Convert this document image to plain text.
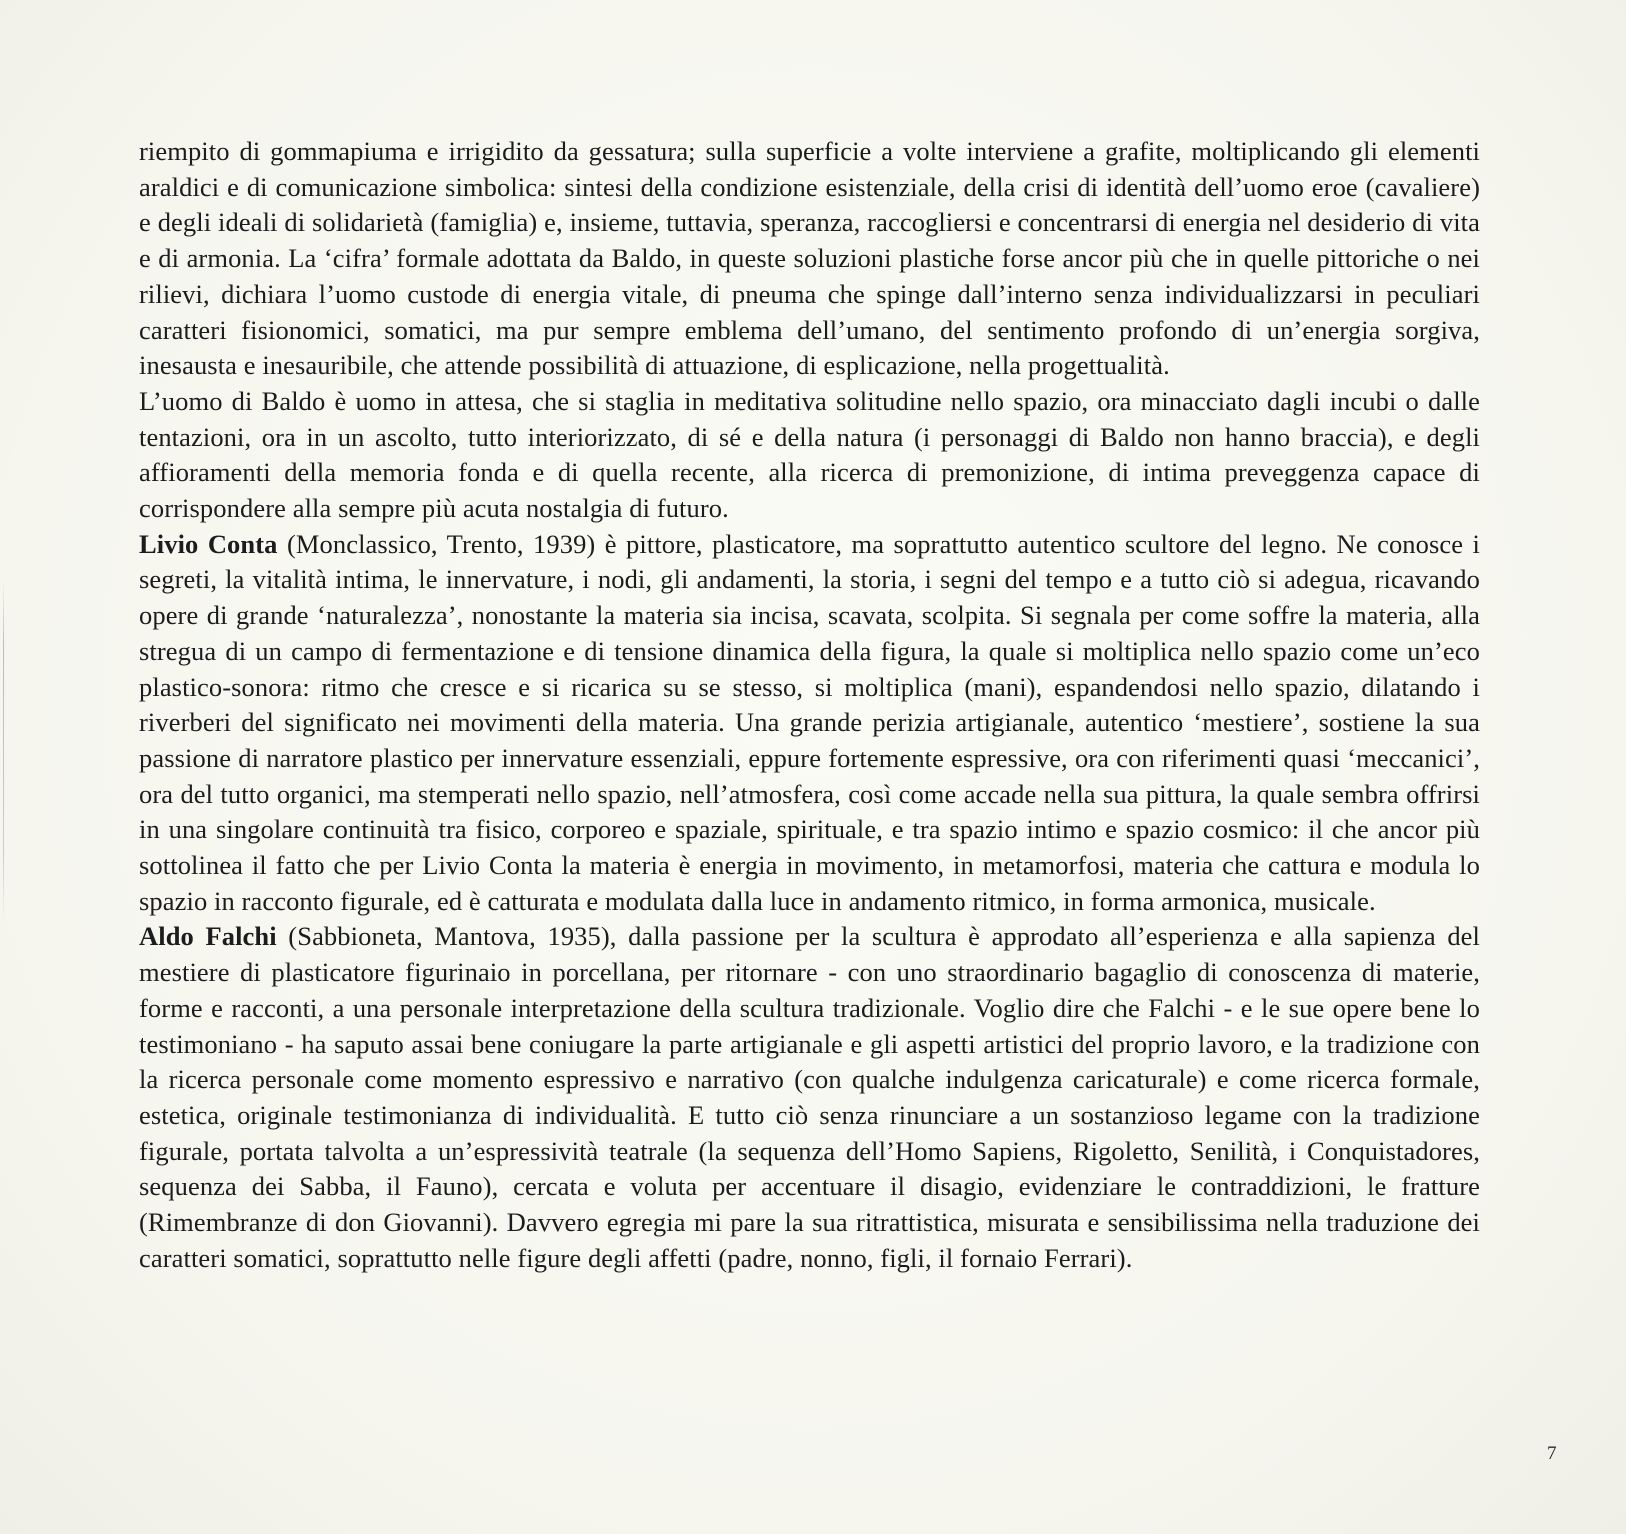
riempito di gommapiuma e irrigidito da gessatura; sulla superficie a volte interviene a grafite, moltiplicando gli elementi araldici e di comunicazione simbolica: sintesi della condizione esistenziale, della crisi di identità dell’uomo eroe (cavaliere) e degli ideali di solidarietà (famiglia) e, insieme, tuttavia, speranza, raccogliersi e concentrarsi di energia nel desiderio di vita e di armonia. La ‘cifra’ formale adottata da Baldo, in queste soluzioni plastiche forse ancor più che in quelle pittoriche o nei rilievi, dichiara l’uomo custode di energia vitale, di pneuma che spinge dall’interno senza individualizzarsi in peculiari caratteri fisionomici, somatici, ma pur sempre emblema dell’umano, del sentimento profondo di un’energia sorgiva, inesausta e inesauribile, che attende possibilità di attuazione, di esplicazione, nella progettualità.

L’uomo di Baldo è uomo in attesa, che si staglia in meditativa solitudine nello spazio, ora minacciato dagli incubi o dalle tentazioni, ora in un ascolto, tutto interiorizzato, di sé e della natura (i personaggi di Baldo non hanno braccia), e degli affioramenti della memoria fonda e di quella recente, alla ricerca di premonizione, di intima preveggenza capace di corrispondere alla sempre più acuta nostalgia di futuro.

Livio Conta (Monclassico, Trento, 1939) è pittore, plasticatore, ma soprattutto autentico scultore del legno. Ne conosce i segreti, la vitalità intima, le innervature, i nodi, gli andamenti, la storia, i segni del tempo e a tutto ciò si adegua, ricavando opere di grande ‘naturalezza’, nonostante la materia sia incisa, scavata, scolpita. Si segnala per come soffre la materia, alla stregua di un campo di fermentazione e di tensione dinamica della figura, la quale si moltiplica nello spazio come un’eco plastico-sonora: ritmo che cresce e si ricarica su se stesso, si moltiplica (mani), espandendosi nello spazio, dilatando i riverberi del significato nei movimenti della materia. Una grande perizia artigianale, autentico ‘mestiere’, sostiene la sua passione di narratore plastico per innervature essenziali, eppure fortemente espressive, ora con riferimenti quasi ‘meccanici’, ora del tutto organici, ma stemperati nello spazio, nell’atmosfera, così come accade nella sua pittura, la quale sembra offrirsi in una singolare continuità tra fisico, corporeo e spaziale, spirituale, e tra spazio intimo e spazio cosmico: il che ancor più sottolinea il fatto che per Livio Conta la materia è energia in movimento, in metamorfosi, materia che cattura e modula lo spazio in racconto figurale, ed è catturata e modulata dalla luce in andamento ritmico, in forma armonica, musicale.

Aldo Falchi (Sabbioneta, Mantova, 1935), dalla passione per la scultura è approdato all’esperienza e alla sapienza del mestiere di plasticatore figurinaio in porcellana, per ritornare - con uno straordinario bagaglio di conoscenza di materie, forme e racconti, a una personale interpretazione della scultura tradizionale. Voglio dire che Falchi - e le sue opere bene lo testimoniano - ha saputo assai bene coniugare la parte artigianale e gli aspetti artistici del proprio lavoro, e la tradizione con la ricerca personale come momento espressivo e narrativo (con qualche indulgenza caricaturale) e come ricerca formale, estetica, originale testimonianza di individualità. E tutto ciò senza rinunciare a un sostanzioso legame con la tradizione figurale, portata talvolta a un’espressività teatrale (la sequenza dell’Homo Sapiens, Rigoletto, Senilità, i Conquistadores, sequenza dei Sabba, il Fauno), cercata e voluta per accentuare il disagio, evidenziare le contraddizioni, le fratture (Rimembranze di don Giovanni). Davvero egregia mi pare la sua ritrattistica, misurata e sensibilissima nella traduzione dei caratteri somatici, soprattutto nelle figure degli affetti (padre, nonno, figli, il fornaio Ferrari).

7
